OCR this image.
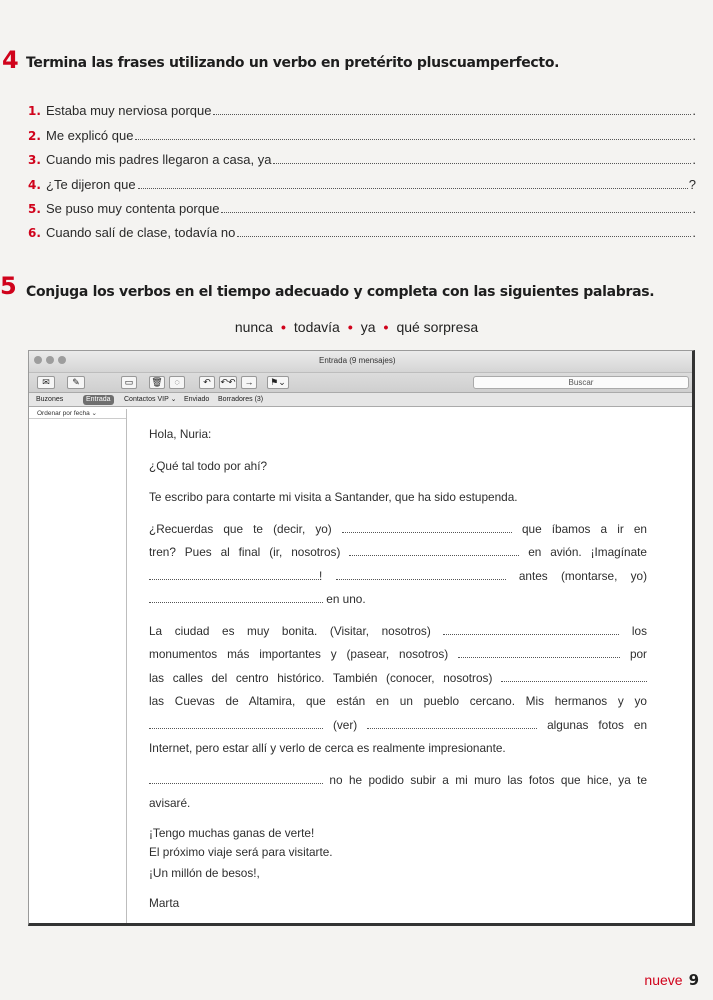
4 Termina las frases utilizando un verbo en pretérito pluscuamperfecto.
1. Estaba muy nerviosa porque	.
2. Me explicó que	.
3. Cuando mis padres llegaron a casa, ya	.
4. ¿Te dijeron que	?
5. Se puso muy contenta porque	.
6. Cuando salí de clase, todavía no	.
5 Conjuga los verbos en el tiempo adecuado y completa con las siguientes palabras.
nunca • todavía • ya • qué sorpresa
Entrada (9 mensajes)
✉	✎	▭	🗑	◌	↶	↶↶ →	⚑⌄	Buscar
Buzones	Entrada	Contactos VIP ⌄	Enviado	Borradores (3)
Ordenar por fecha ⌄

Hola, Nuria:

¿Qué tal todo por ahí?

Te escribo para contarte mi visita a Santander, que ha sido estupenda.

¿Recuerdas que te (decir, yo)	que íbamos a ir en

tren? Pues al final (ir, nosotros)	en avión. ¡Imagínate

!	antes (montarse, yo)

en uno.

La ciudad es muy bonita. (Visitar, nosotros)	los

monumentos más importantes y (pasear, nosotros)	por

las calles del centro histórico. También (conocer, nosotros)

las Cuevas de Altamira, que están en un pueblo cercano. Mis hermanos y yo

(ver)	algunas fotos en

Internet, pero estar allí y verlo de cerca es realmente impresionante.

no he podido subir a mi muro las fotos que hice, ya te

avisaré.

¡Tengo muchas ganas de verte!

El próximo viaje será para visitarte.

¡Un millón de besos!,

Marta

nueve 9
